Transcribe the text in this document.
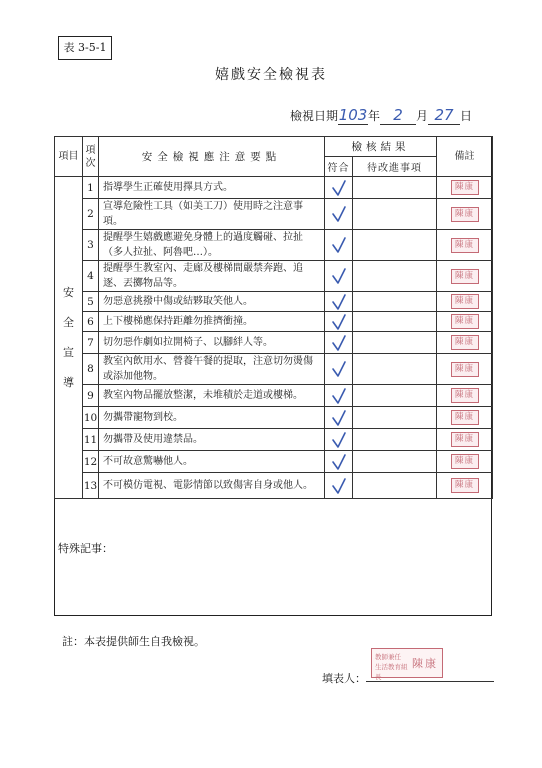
表 3-5-1
嬉戲安全檢視表
檢視日期103年 2 月 27 日
項目	項次	安全檢視應注意要點	檢核結果		備註
			符合	待改進事項	

安全宣導	1	指導學生正確使用擇具方式。			陳康

	2	宣導危險性工具（如美工刀）使用時之注意事項。			陳康

	3	提醒學生嬉戲應避免身體上的過度觸碰、拉扯（多人拉扯、阿魯吧…）。			陳康

	4	提醒學生教室內、走廊及樓梯間嚴禁奔跑、追逐、丟擲物品等。			陳康

	5	勿惡意挑撥中傷或結夥取笑他人。			陳康

	6	上下樓梯應保持距離勿推擠衝撞。			陳康

	7	切勿惡作劇如拉開椅子、以腳絆人等。			陳康

	8	教室內飲用水、營養午餐的提取，注意切勿燙傷或添加他物。			陳康

	9	教室內物品擺放整潔，未堆積於走道或樓梯。			陳康

	10	勿攜帶寵物到校。			陳康

	11	勿攜帶及使用違禁品。			陳康

	12	不可故意驚嚇他人。			陳康

	13	不可模仿電視、電影情節以致傷害自身或他人。			陳康
特殊記事：
註：本表提供師生自我檢視。
填表人：
教師兼任
生活教育組長
陳康
